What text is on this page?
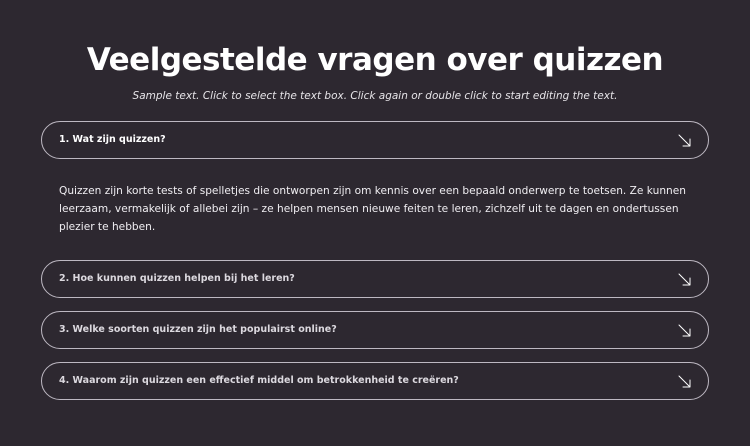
Veelgestelde vragen over quizzen
Sample text. Click to select the text box. Click again or double click to start editing the text.
1. Wat zijn quizzen?
Quizzen zijn korte tests of spelletjes die ontworpen zijn om kennis over een bepaald onderwerp te toetsen. Ze kunnen leerzaam, vermakelijk of allebei zijn – ze helpen mensen nieuwe feiten te leren, zichzelf uit te dagen en ondertussen plezier te hebben.
2. Hoe kunnen quizzen helpen bij het leren?
3. Welke soorten quizzen zijn het populairst online?
4. Waarom zijn quizzen een effectief middel om betrokkenheid te creëren?
